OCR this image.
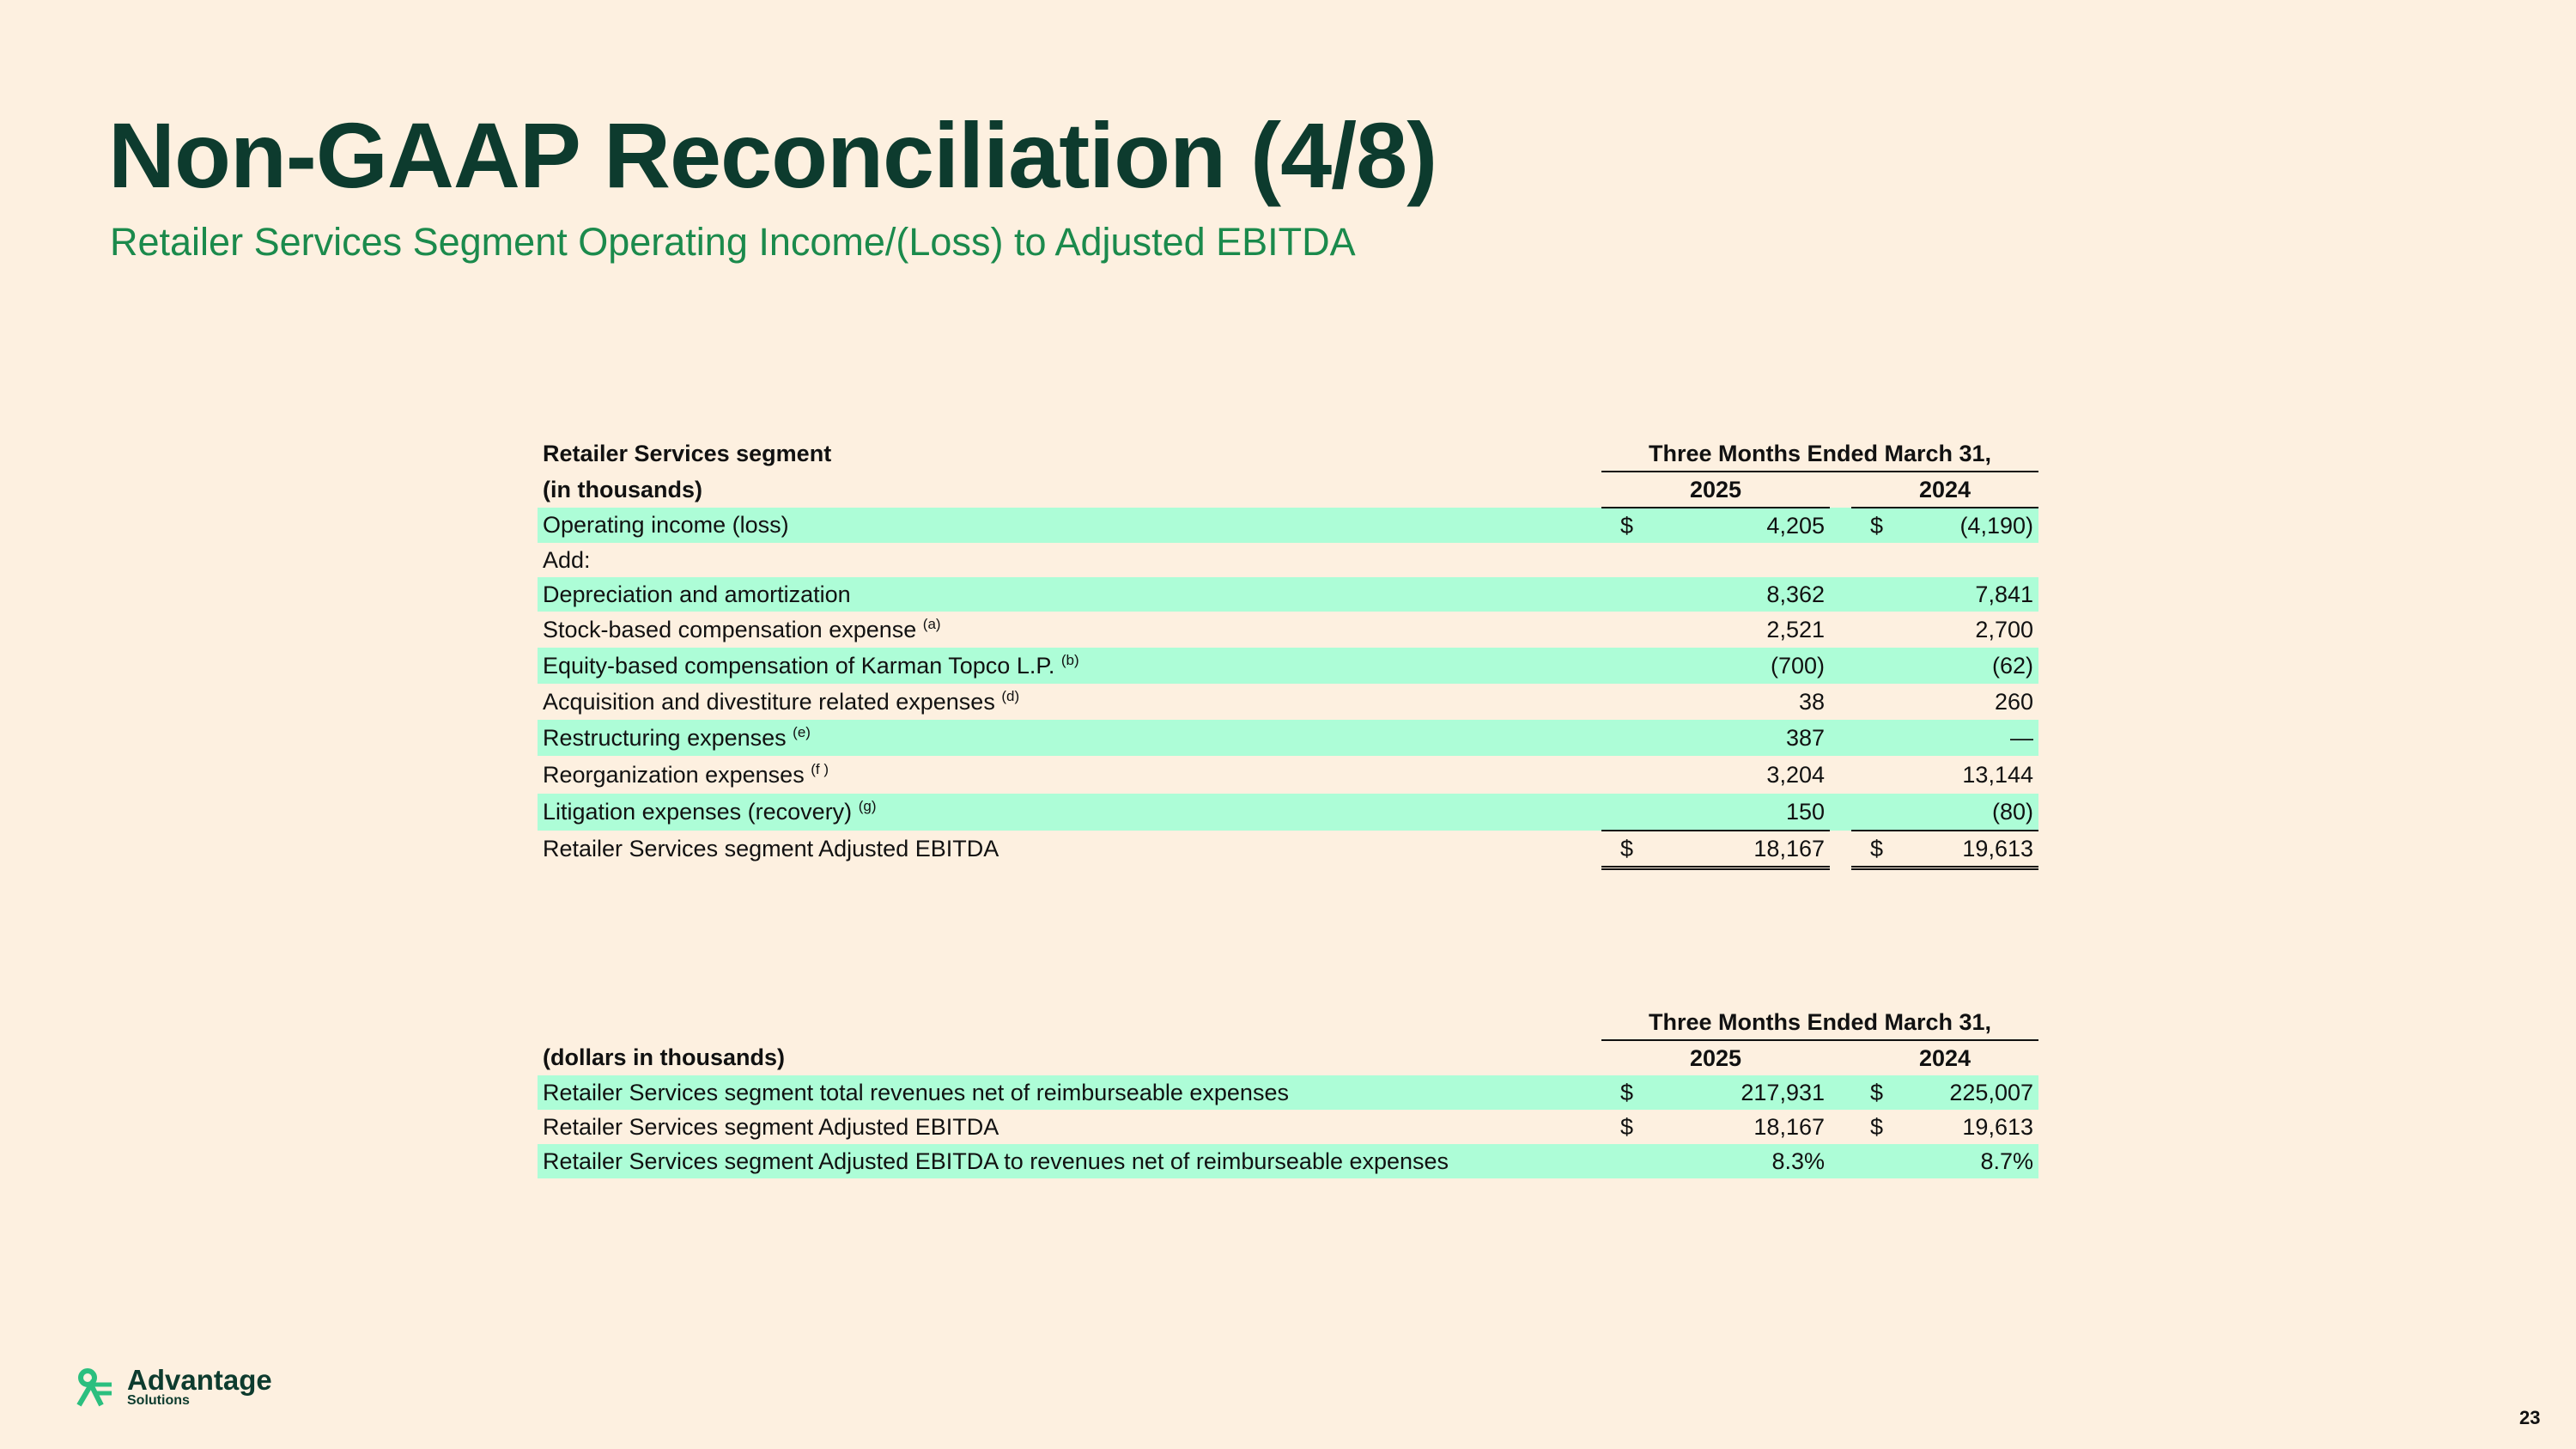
Non-GAAP Reconciliation (4/8)
Retailer Services Segment Operating Income/(Loss) to Adjusted EBITDA
Retailer Services segment	Three Months Ended March 31,		
(in thousands)	2025		2024
Operating income (loss)	$ 4,205		$ (4,190)

Add:	

Depreciation and amortization	8,362		7,841

Stock-based compensation expense $^{(a)}$	2,521		2,700

Equity-based compensation of Karman Topco L.P. $^{(b)}$	(700)		(62)

Acquisition and divestiture related expenses $^{(d)}$	38		260

Restructuring expenses $^{(e)}$	387		—

Reorganization expenses $^{(f )}$	3,204		13,144

Litigation expenses (recovery) $^{(g)}$	150		(80)

Retailer Services segment Adjusted EBITDA	$ 18,167		$ 19,613
	Three Months Ended March 31,		
(dollars in thousands)	2025		2024
Retailer Services segment total revenues net of reimburseable expenses	$ 217,931		$ 225,007

Retailer Services segment Adjusted EBITDA	$ 18,167		$ 19,613

Retailer Services segment Adjusted EBITDA to revenues net of reimburseable expenses	8.3%		8.7%
Advantage
Solutions
23
